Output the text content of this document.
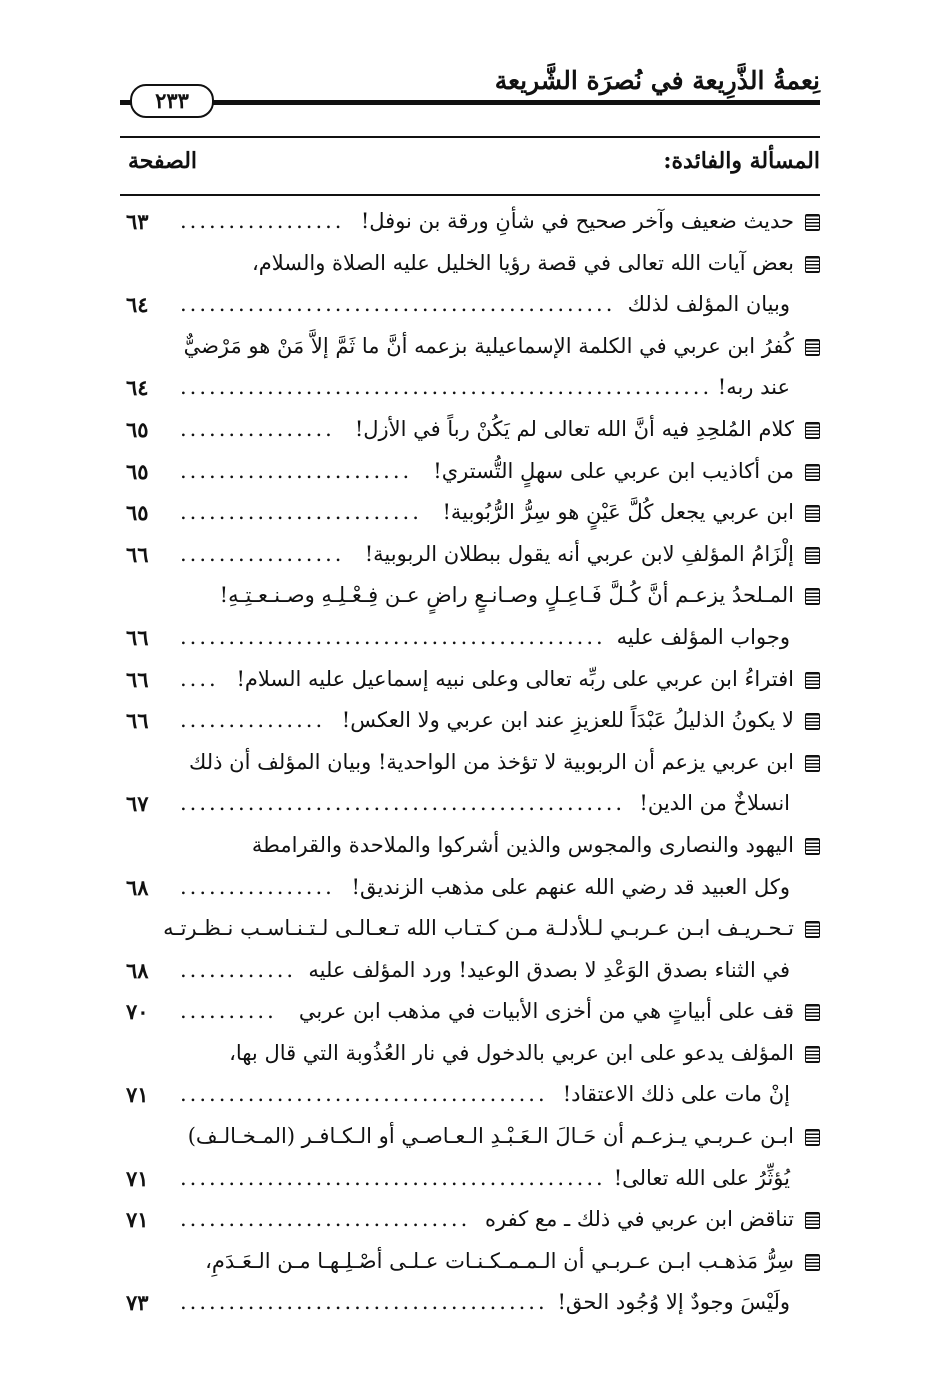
نِعمةُ الذَّرِيعة في نُصرَة الشَّريعة
٢٣٣
المسألة والفائدة:
الصفحة
حديث ضعيف وآخر صحيح في شأنِ ورقة بن نوفل!
٦٣ .................
بعض آيات الله تعالى في قصة رؤيا الخليل عليه الصلاة والسلام،
وبيان المؤلف لذلك
٦٤ .............................................
كُفرُ ابن عربي في الكلمة الإسماعيلية بزعمه أنَّ ما ثَمَّ إلاَّ مَنْ هو مَرْضيٌّ
عند ربه!
٦٤ .......................................................
كلام المُلحِدِ فيه أنَّ الله تعالى لم يَكُنْ رباً في الأزل!
٦٥ ................
من أكاذيب ابن عربي على سهلٍ التُّستري!
٦٥ ........................
ابن عربي يجعل كُلَّ عَيْنٍ هو سِرُّ الرُّبُوبية!
٦٥ .........................
إلْزَامُ المؤلفِ لابن عربي أنه يقول ببطلان الربوبية!
٦٦ .................
المـلحدُ يزعـم أنَّ كُـلَّ فَـاعِـلٍ وصـانـعٍ راضٍ عـن فِـعْـلِـهِ وصـنـعـتِـهِ!
وجواب المؤلف عليه
٦٦ ............................................
افتراءُ ابن عربي على ربِّه تعالى وعلى نبيه إسماعيل عليه السلام!
٦٦ ....
لا يكونُ الذليلُ عَبْدَاً للعزيزِ عند ابن عربي ولا العكس!
٦٦ ...............
ابن عربي يزعم أن الربوبية لا تؤخذ من الواحدية! وبيان المؤلف أن ذلك
انسلاخٌ من الدين!
٦٧ ..............................................
اليهود والنصارى والمجوس والذين أشركوا والملاحدة والقرامطة
وكل العبيد قد رضي الله عنهم على مذهب الزنديق!
٦٨ ................
تـحـريـف ابـن عـربـي لـلأدلـة مـن كـتـاب الله تـعـالـى لـتـنـاسـب نـظـرتـه
في الثناء بصدق الوَعْدِ لا بصدق الوعيد! ورد المؤلف عليه
٦٨ ............
قف على أبياتٍ هي من أخزى الأبيات في مذهب ابن عربي
٧٠ ..........
المؤلف يدعو على ابن عربي بالدخول في نار العُذُوبة التي قال بها،
إنْ مات على ذلك الاعتقاد!
٧١ ......................................
ابـن عـربـي يـزعـم أن حَـالَ الـعَـبْـدِ الـعـاصـي أو الـكـافـر (المـخـالـف)
يُؤثِّرُ على الله تعالى!
٧١ ............................................
تناقض ابن عربي في ذلك ـ مع كفره
٧١ ..............................
سِرُّ مَذهـب ابـن عـربـي أن الـمـمـكـنـات عـلـى أصْـلِـهـا مـن الـعَـدَمِ،
ولَيْسَ وجودٌ إلا وُجُود الحق!
٧٣ ......................................
